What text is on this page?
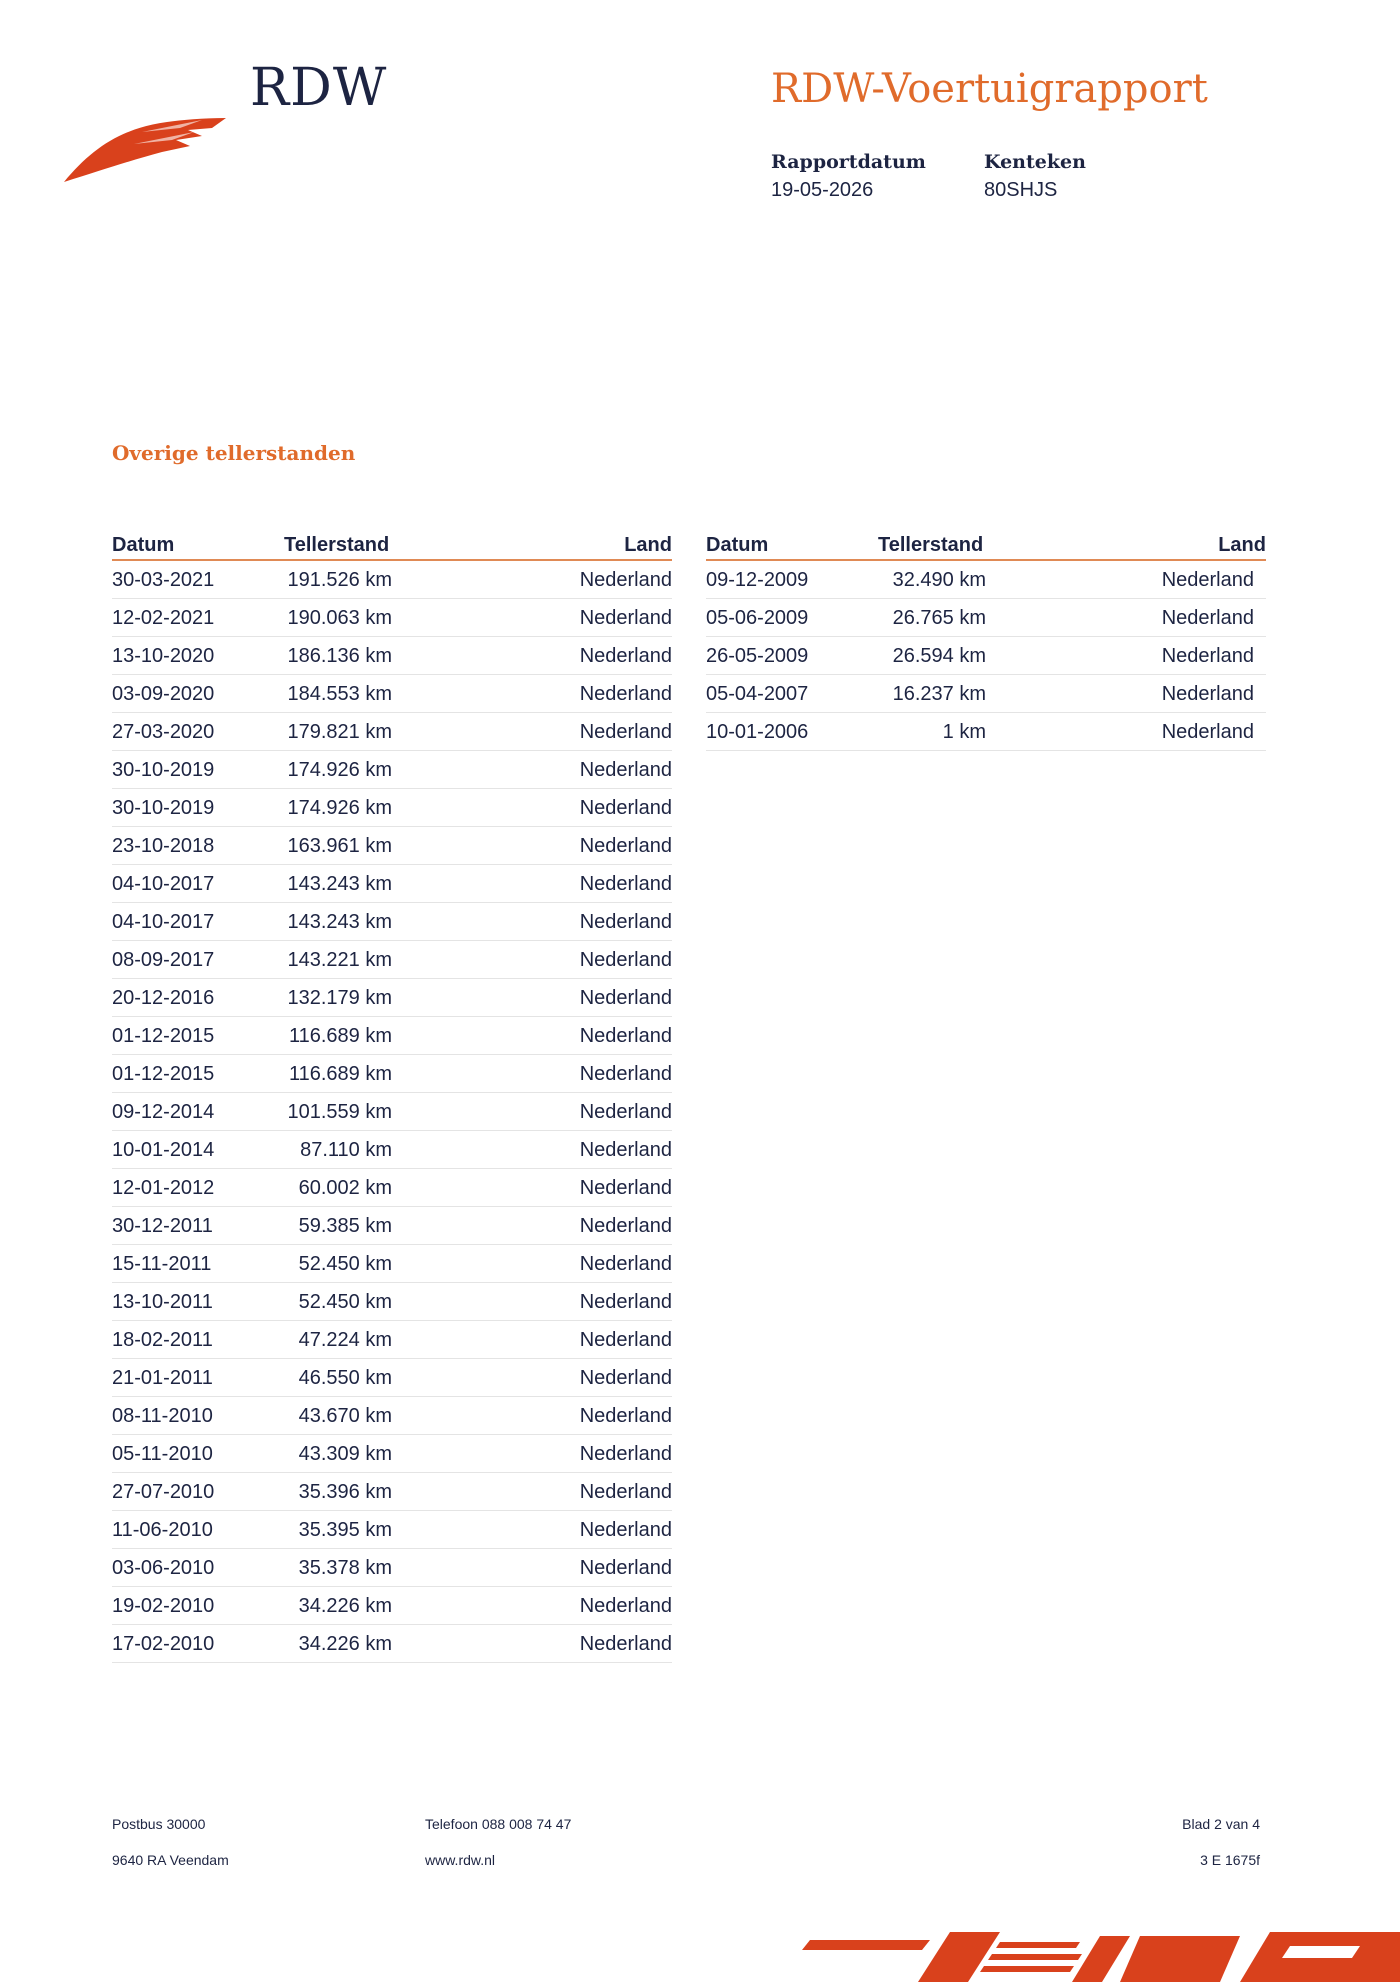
RDW	RDW-Voertuigrapport
Rapportdatum
19-05-2026
Kenteken
80SHJS
Overige tellerstanden
Datum	Tellerstand	Land
30-03-2021	191.526 km	Nederland
12-02-2021	190.063 km	Nederland
13-10-2020	186.136 km	Nederland
03-09-2020	184.553 km	Nederland
27-03-2020	179.821 km	Nederland
30-10-2019	174.926 km	Nederland
30-10-2019	174.926 km	Nederland
23-10-2018	163.961 km	Nederland
04-10-2017	143.243 km	Nederland
04-10-2017	143.243 km	Nederland
08-09-2017	143.221 km	Nederland
20-12-2016	132.179 km	Nederland
01-12-2015	116.689 km	Nederland
01-12-2015	116.689 km	Nederland
09-12-2014	101.559 km	Nederland
10-01-2014	87.110 km	Nederland
12-01-2012	60.002 km	Nederland
30-12-2011	59.385 km	Nederland
15-11-2011	52.450 km	Nederland
13-10-2011	52.450 km	Nederland
18-02-2011	47.224 km	Nederland
21-01-2011	46.550 km	Nederland
08-11-2010	43.670 km	Nederland
05-11-2010	43.309 km	Nederland
27-07-2010	35.396 km	Nederland
11-06-2010	35.395 km	Nederland
03-06-2010	35.378 km	Nederland
19-02-2010	34.226 km	Nederland
17-02-2010	34.226 km	Nederland
Datum	Tellerstand	Land
09-12-2009	32.490 km	Nederland
05-06-2009	26.765 km	Nederland
26-05-2009	26.594 km	Nederland
05-04-2007	16.237 km	Nederland
10-01-2006	1 km	Nederland
Postbus 30000
9640 RA Veendam
Telefoon 088 008 74 47
www.rdw.nl
Blad 2 van 4
3 E 1675f
